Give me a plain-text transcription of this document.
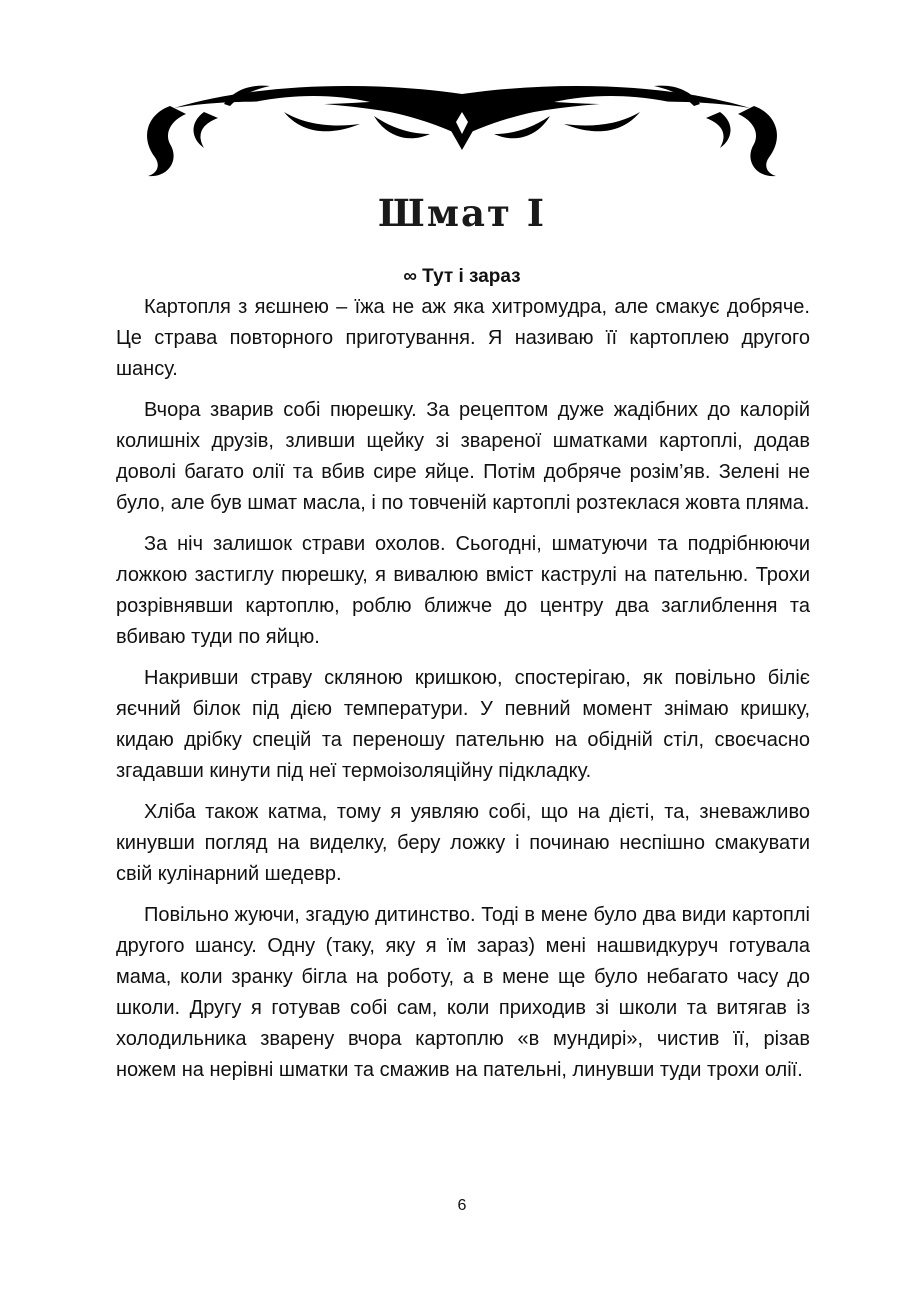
Шмат I
∞ Тут і зараз

Картопля з яєшнею – їжа не аж яка хитромудра, але смакує добряче. Це страва повторного приготування. Я називаю її картоплею другого шансу.

Вчора зварив собі пюрешку. За рецептом дуже жадібних до калорій колишніх друзів, зливши щейку зі звареної шматками картоплі, додав доволі багато олії та вбив сире яйце. Потім добряче розім’яв. Зелені не було, але був шмат масла, і по товченій картоплі розтеклася жовта пляма.

За ніч залишок страви охолов. Сьогодні, шматуючи та подрібнюючи ложкою застиглу пюрешку, я вивалюю вміст каструлі на пательню. Трохи розрівнявши картоплю, роблю ближче до центру два заглиблення та вбиваю туди по яйцю.

Накривши страву скляною кришкою, спостерігаю, як повільно біліє яєчний білок під дією температури. У певний момент знімаю кришку, кидаю дрібку спецій та переношу пательню на обідній стіл, своєчасно згадавши кинути під неї термоізоляційну підкладку.

Хліба також катма, тому я уявляю собі, що на дієті, та, зневажливо кинувши погляд на виделку, беру ложку і починаю неспішно смакувати свій кулінарний шедевр.

Повільно жуючи, згадую дитинство. Тоді в мене було два види картоплі другого шансу. Одну (таку, яку я їм зараз) мені нашвидкуруч готувала мама, коли зранку бігла на роботу, а в мене ще було небагато часу до школи. Другу я готував собі сам, коли приходив зі школи та витягав із холодильника зварену вчора картоплю «в мундирі», чистив її, різав ножем на нерівні шматки та смажив на пательні, линувши туди трохи олії.

6
